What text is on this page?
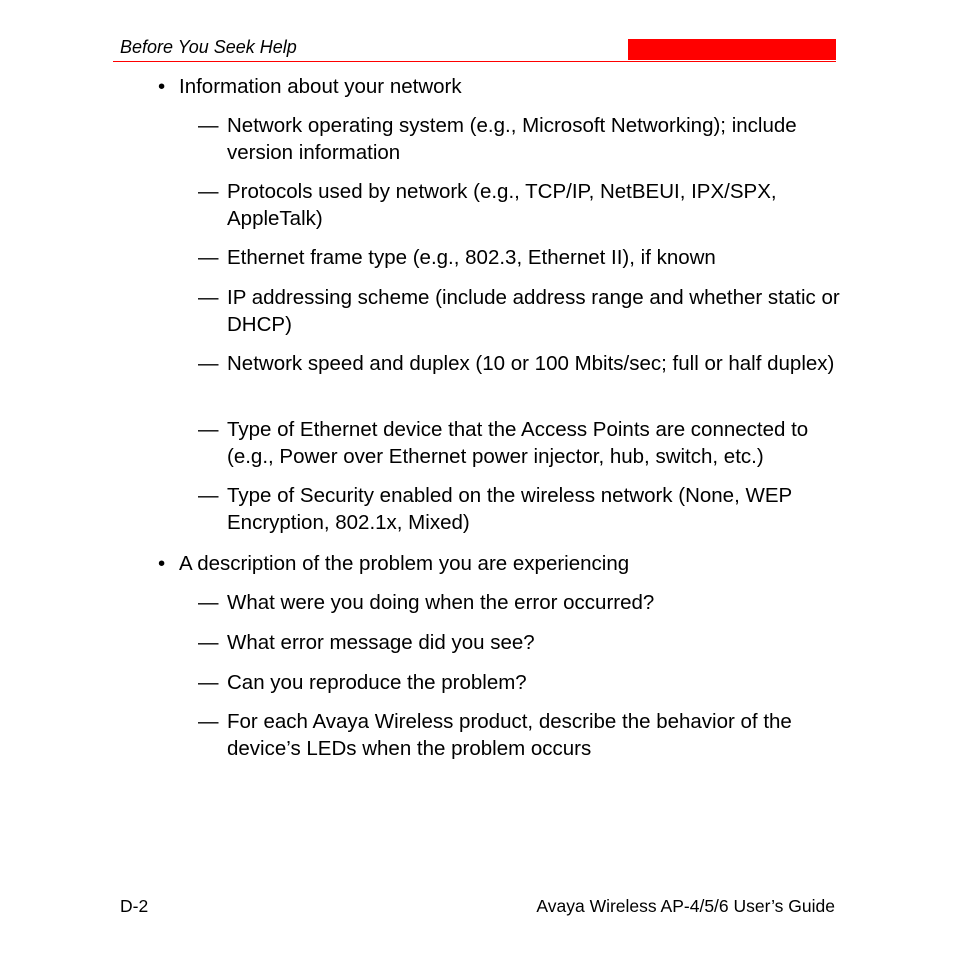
Before You Seek Help
• Information about your network
— Network operating system (e.g., Microsoft Networking); include version information
— Protocols used by network (e.g., TCP/IP, NetBEUI, IPX/SPX, AppleTalk)
— Ethernet frame type (e.g., 802.3, Ethernet II), if known
— IP addressing scheme (include address range and whether static or DHCP)
— Network speed and duplex (10 or 100 Mbits/sec; full or half duplex)
— Type of Ethernet device that the Access Points are connected to (e.g., Power over Ethernet power injector, hub, switch, etc.)
— Type of Security enabled on the wireless network (None, WEP Encryption, 802.1x, Mixed)
• A description of the problem you are experiencing
— What were you doing when the error occurred?
— What error message did you see?
— Can you reproduce the problem?
— For each Avaya Wireless product, describe the behavior of the device’s LEDs when the problem occurs
D-2	Avaya Wireless AP-4/5/6 User’s Guide
